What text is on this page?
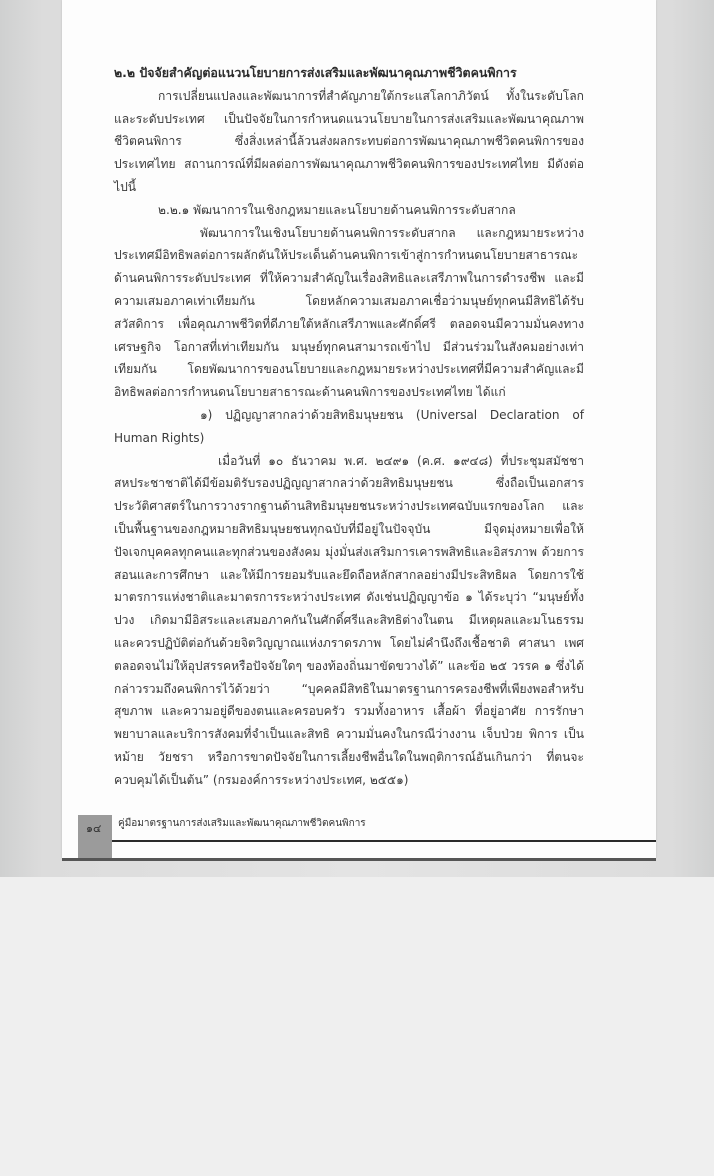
๒.๒ ปัจจัยสำคัญต่อแนวนโยบายการส่งเสริมและพัฒนาคุณภาพชีวิตคนพิการ

การเปลี่ยนแปลงและพัฒนาการที่สำคัญภายใต้กระแสโลกาภิวัตน์ ทั้งในระดับโลกและระดับประเทศ เป็นปัจจัยในการกำหนดแนวนโยบายในการส่งเสริมและพัฒนาคุณภาพชีวิตคนพิการ ซึ่งสิ่งเหล่านี้ล้วนส่งผลกระทบต่อการพัฒนาคุณภาพชีวิตคนพิการของประเทศไทย สถานการณ์ที่มีผลต่อการพัฒนาคุณภาพชีวิตคนพิการของประเทศไทย มีดังต่อไปนี้

๒.๒.๑ พัฒนาการในเชิงกฎหมายและนโยบายด้านคนพิการระดับสากล

พัฒนาการในเชิงนโยบายด้านคนพิการระดับสากล และกฎหมายระหว่างประเทศมีอิทธิพลต่อการผลักดันให้ประเด็นด้านคนพิการเข้าสู่การกำหนดนโยบายสาธารณะด้านคนพิการระดับประเทศ ที่ให้ความสำคัญในเรื่องสิทธิและเสรีภาพในการดำรงชีพ และมีความเสมอภาคเท่าเทียมกัน โดยหลักความเสมอภาคเชื่อว่ามนุษย์ทุกคนมีสิทธิได้รับสวัสดิการ เพื่อคุณภาพชีวิตที่ดีภายใต้หลักเสรีภาพและศักดิ์ศรี ตลอดจนมีความมั่นคงทางเศรษฐกิจ โอกาสที่เท่าเทียมกัน มนุษย์ทุกคนสามารถเข้าไป มีส่วนร่วมในสังคมอย่างเท่าเทียมกัน โดยพัฒนาการของนโยบายและกฎหมายระหว่างประเทศที่มีความสำคัญและมีอิทธิพลต่อการกำหนดนโยบายสาธารณะด้านคนพิการของประเทศไทย ได้แก่

๑) ปฏิญญาสากลว่าด้วยสิทธิมนุษยชน (Universal Declaration of Human Rights)

เมื่อวันที่ ๑๐ ธันวาคม พ.ศ. ๒๔๙๑ (ค.ศ. ๑๙๔๘) ที่ประชุมสมัชชาสหประชาชาติได้มีข้อมติรับรองปฏิญญาสากลว่าด้วยสิทธิมนุษยชน ซึ่งถือเป็นเอกสารประวัติศาสตร์ในการวางรากฐานด้านสิทธิมนุษยชนระหว่างประเทศฉบับแรกของโลก และเป็นพื้นฐานของกฎหมายสิทธิมนุษยชนทุกฉบับที่มีอยู่ในปัจจุบัน มีจุดมุ่งหมายเพื่อให้ปัจเจกบุคคลทุกคนและทุกส่วนของสังคม มุ่งมั่นส่งเสริมการเคารพสิทธิและอิสรภาพ ด้วยการสอนและการศึกษา และให้มีการยอมรับและยึดถือหลักสากลอย่างมีประสิทธิผล โดยการใช้มาตรการแห่งชาติและมาตรการระหว่างประเทศ ดังเช่นปฏิญญาข้อ ๑ ได้ระบุว่า “มนุษย์ทั้งปวง เกิดมามีอิสระและเสมอภาคกันในศักดิ์ศรีและสิทธิต่างในตน มีเหตุผลและมโนธรรม และควรปฏิบัติต่อกันด้วยจิตวิญญาณแห่งภราดรภาพ โดยไม่คำนึงถึงเชื้อชาติ ศาสนา เพศ ตลอดจนไม่ให้อุปสรรคหรือปัจจัยใดๆ ของท้องถิ่นมาขัดขวางได้” และข้อ ๒๕ วรรค ๑ ซึ่งได้กล่าวรวมถึงคนพิการไว้ด้วยว่า “บุคคลมีสิทธิในมาตรฐานการครองชีพที่เพียงพอสำหรับสุขภาพ และความอยู่ดีของตนและครอบครัว รวมทั้งอาหาร เสื้อผ้า ที่อยู่อาศัย การรักษาพยาบาลและบริการสังคมที่จำเป็นและสิทธิ ความมั่นคงในกรณีว่างงาน เจ็บป่วย พิการ เป็นหม้าย วัยชรา หรือการขาดปัจจัยในการเลี้ยงชีพอื่นใดในพฤติการณ์อันเกินกว่า ที่ตนจะควบคุมได้เป็นต้น” (กรมองค์การระหว่างประเทศ, ๒๕๕๑)

๑๔ คู่มือมาตรฐานการส่งเสริมและพัฒนาคุณภาพชีวิตคนพิการ
